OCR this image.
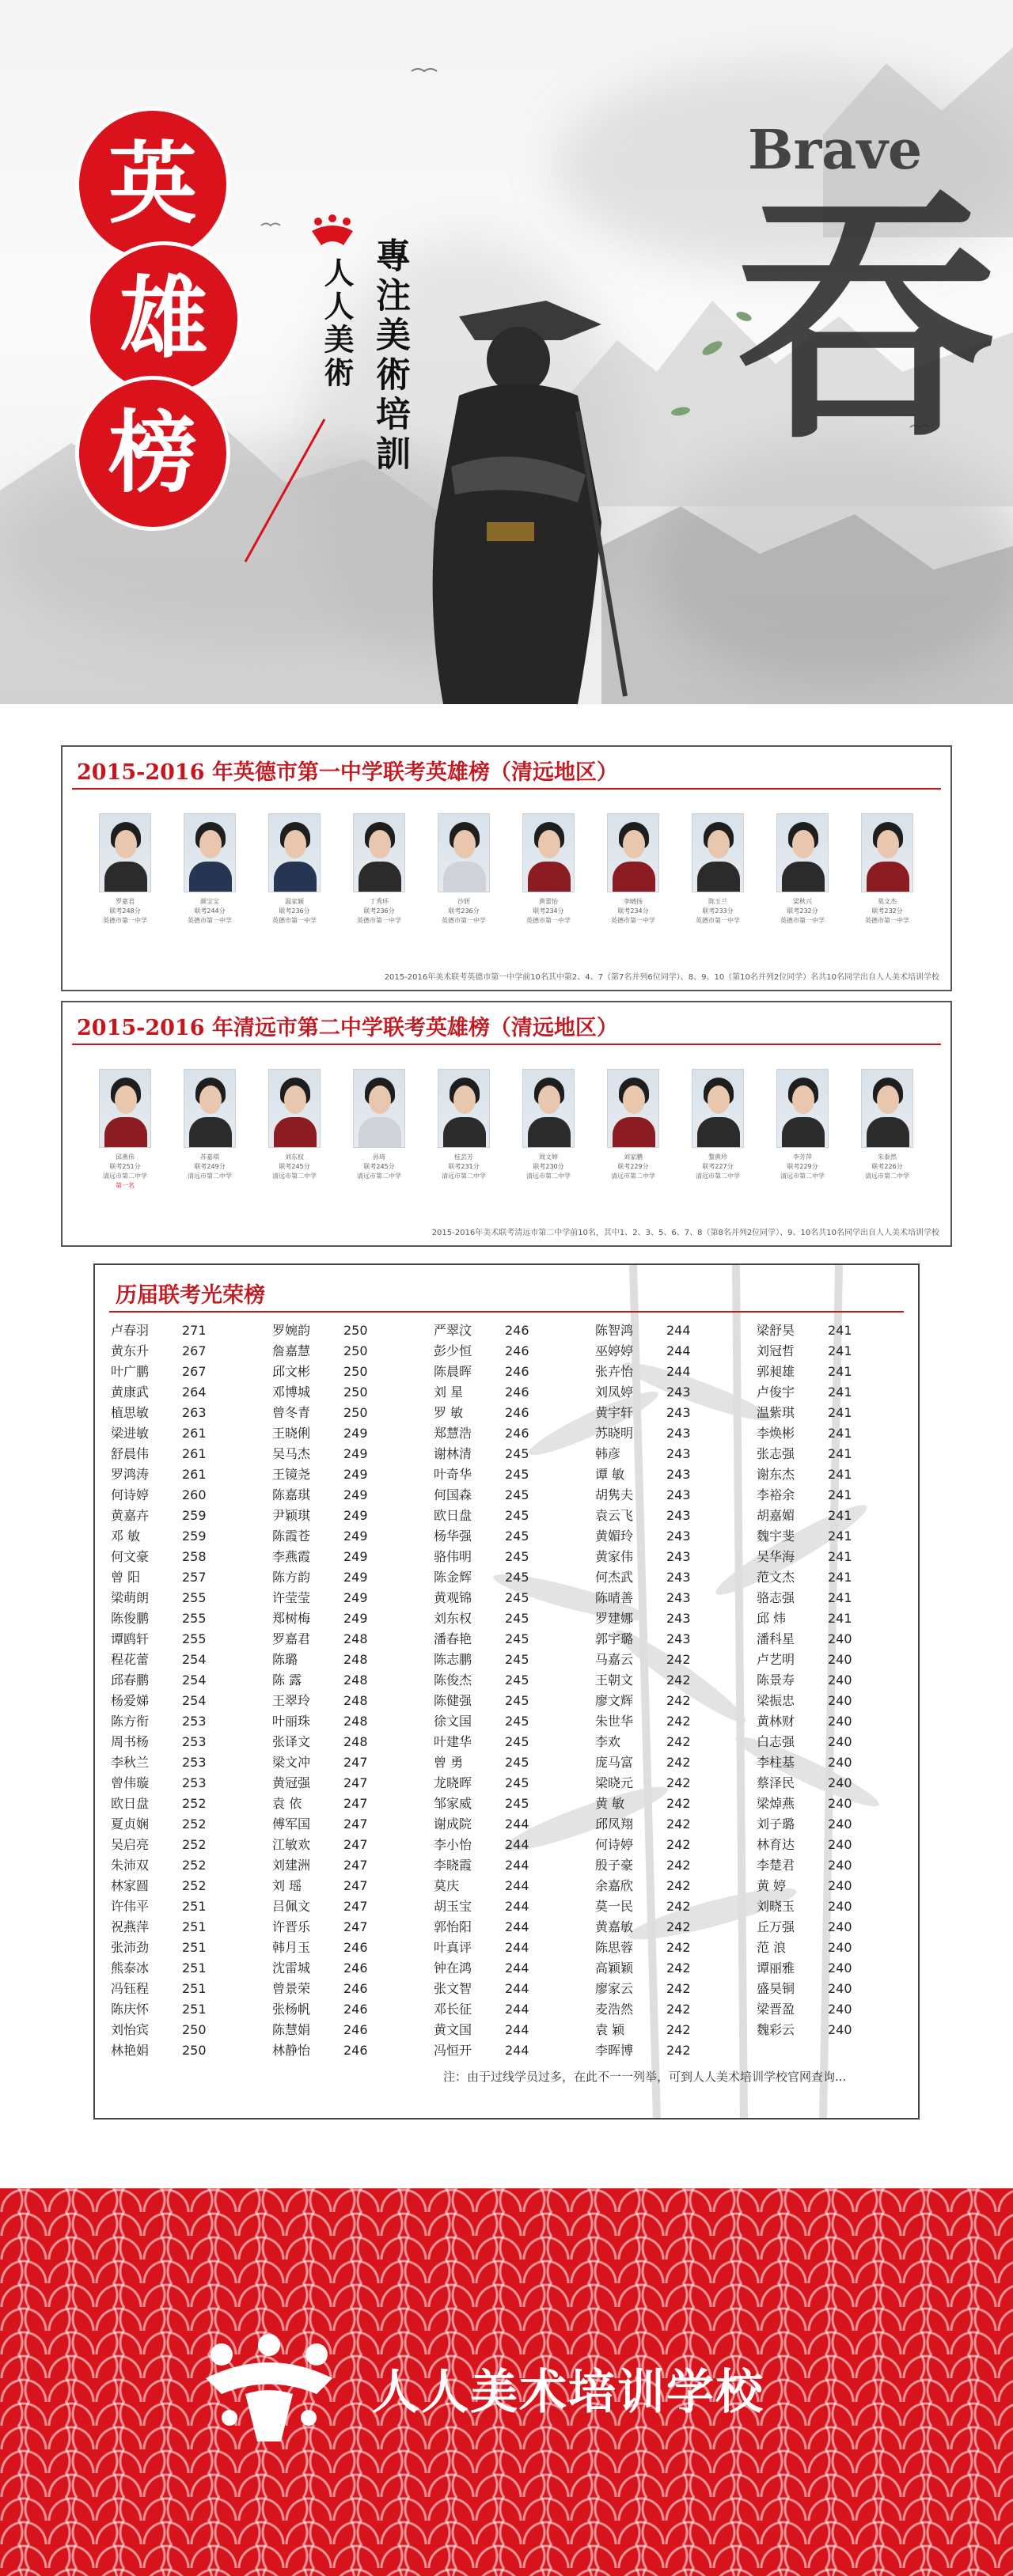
英
雄
榜
人人美術 專注美術培訓
Brave
吞
2015-2016 年英德市第一中学联考英雄榜（清远地区）
罗嘉君
联考248分
英德市第一中学
颜宝宝
联考244分
英德市第一中学
温家颖
联考236分
英德市第一中学
丁秀环
联考236分
英德市第一中学
沙妍
联考236分
英德市第一中学
黄蕾怡
联考234分
英德市第一中学
李晴扬
联考234分
英德市第一中学
陈玉兰
联考233分
英德市第一中学
梁秋兴
联考232分
英德市第一中学
莫文杰
联考232分
英德市第一中学
2015-2016年美术联考英德市第一中学前10名其中第2、4、7（第7名并列6位同学）、8、9、10（第10名并列2位同学）名共10名同学出自人人美术培训学校
2015-2016 年清远市第二中学联考英雄榜（清远地区）
邱燕伟
联考251分
清远市第二中学
第一名
苏嘉琪
联考249分
清远市第二中学
刘东权
联考245分
清远市第二中学
孙琦
联考245分
清远市第二中学
桂芸芳
联考231分
清远市第二中学
周文婷
联考230分
清远市第二中学
刘家鹏
联考229分
清远市第二中学
黎黄珍
联考227分
清远市第二中学
李芳萍
联考229分
清远市第二中学
朱泰然
联考226分
清远市第二中学
2015-2016年美术联考清远市第二中学前10名，其中1、2、3、5、6、7、8（第8名并列2位同学）、9、10名共10名同学出自人人美术培训学校
历届联考光荣榜
卢春羽	271
黄东升	267
叶广鹏	267
黄康武	264
植思敏	263
梁进敏	261
舒晨伟	261
罗鸿涛	261
何诗婷	260
黄嘉卉	259
邓 敏	259
何文豪	258
曾 阳	257
梁萌朗	255
陈俊鹏	255
谭鸥轩	255
程花蕾	254
邱春鹏	254
杨爱娣	254
陈方衔	253
周书杨	253
李秋兰	253
曾伟璇	253
欧日盘	252
夏贞娴	252
吴启亮	252
朱沛双	252
林家圆	252
许伟平	251
祝燕萍	251
张沛劲	251
熊泰冰	251
冯钰程	251
陈庆怀	251
刘怡宾	250
林艳娟	250
罗婉韵	250
詹嘉慧	250
邱文彬	250
邓博城	250
曾冬青	250
王晓俐	249
吴马杰	249
王镜尧	249
陈嘉琪	249
尹颖琪	249
陈霞苍	249
李燕霞	249
陈方韵	249
许莹莹	249
郑树梅	249
罗嘉君	248
陈璐	248
陈 露	248
王翠玲	248
叶丽珠	248
张译文	248
梁文冲	247
黄冠强	247
袁 依	247
傅军国	247
江敏欢	247
刘建洲	247
刘 瑶	247
吕佩文	247
许晋乐	247
韩月玉	246
沈雷城	246
曾景荣	246
张杨帆	246
陈慧娟	246
林静怡	246
严翠汶	246
彭少恒	246
陈晨晖	246
刘 星	246
罗 敏	246
郑慧浩	246
谢林清	245
叶奇华	245
何国森	245
欧日盘	245
杨华强	245
骆伟明	245
陈金辉	245
黄观锦	245
刘东权	245
潘春艳	245
陈志鹏	245
陈俊杰	245
陈健强	245
徐文国	245
叶建华	245
曾 勇	245
龙晓晖	245
邹家威	245
谢成院	244
李小怡	244
李晓霞	244
莫庆	244
胡玉宝	244
郭怡阳	244
叶真评	244
钟在鸿	244
张文智	244
邓长征	244
黄文国	244
冯恒开	244
陈智鸿	244
巫婷婷	244
张卉怡	244
刘凤婷	243
黄宇轩	243
苏晓明	243
韩彦	243
谭 敏	243
胡隽夫	243
袁云飞	243
黄媚玲	243
黄家伟	243
何杰武	243
陈晴善	243
罗建娜	243
郭宇璐	243
马嘉云	242
王朝文	242
廖文辉	242
朱世华	242
李欢	242
庞马富	242
梁晓元	242
黄 敏	242
邱凤翔	242
何诗婷	242
殷子豪	242
余嘉欣	242
莫一民	242
黄嘉敏	242
陈思蓉	242
高颖颖	242
廖家云	242
麦浩然	242
袁 颖	242
李晖博	242
梁舒昊	241
刘冠哲	241
郭昶雄	241
卢俊宇	241
温紫琪	241
李焕彬	241
张志强	241
谢东杰	241
李裕余	241
胡嘉媚	241
魏宇斐	241
吴华海	241
范文杰	241
骆志强	241
邱 炜	241
潘科星	240
卢艺明	240
陈景寿	240
梁振忠	240
黄林财	240
白志强	240
李柱基	240
蔡泽民	240
梁焯燕	240
刘子璐	240
林育达	240
李楚君	240
黄 婷	240
刘晓玉	240
丘万强	240
范 浪	240
谭丽雅	240
盛昊铜	240
梁晋盈	240
魏彩云	240
注：由于过线学员过多，在此不一一列举，可到人人美术培训学校官网查询...
人人美术培训学校
